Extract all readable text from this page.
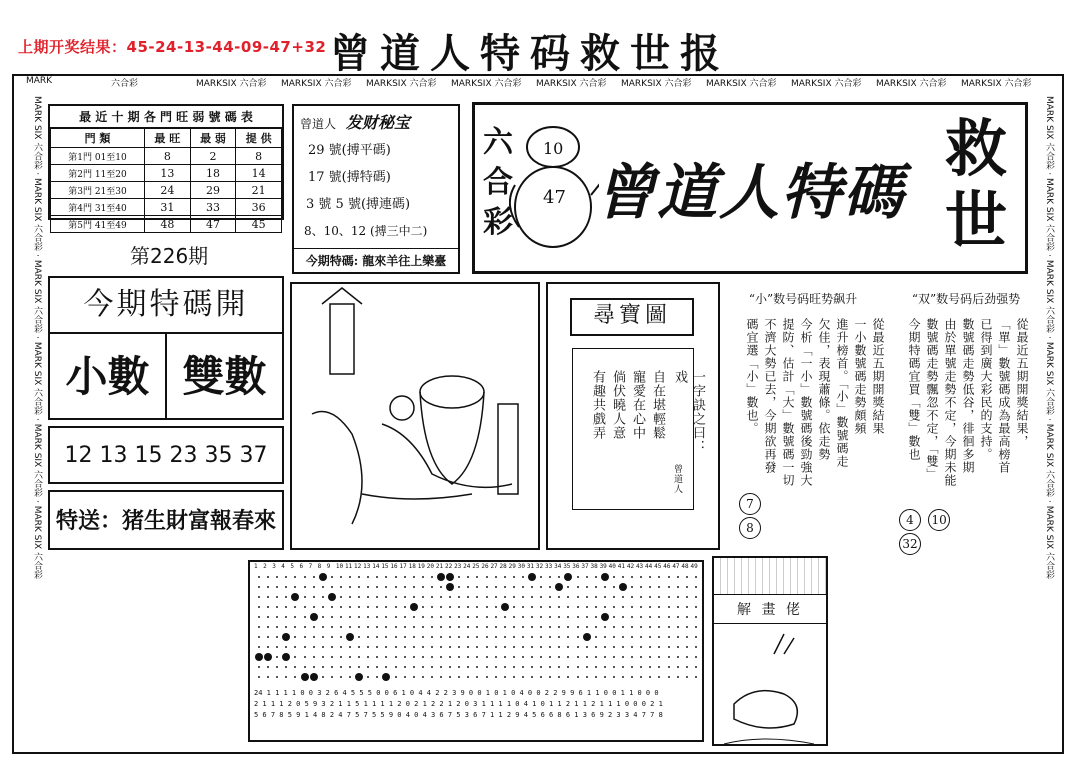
上期开奖结果：45-24-13-44-09-47+32 曾道人特码救世报
MARK	六合彩	MARKSIX 六合彩	MARKSIX 六合彩	MARKSIX 六合彩	MARKSIX 六合彩	MARKSIX 六合彩	MARKSIX 六合彩	MARKSIX 六合彩	MARKSIX 六合彩	MARKSIX 六合彩	MARKSIX 六合彩
MARK SIX 六合彩 · MARK SIX 六合彩 · MARK SIX 六合彩 · MARK SIX 六合彩 · MARK SIX 六合彩 · MARK SIX 六合彩
MARK SIX 六合彩 · MARK SIX 六合彩 · MARK SIX 六合彩 · MARK SIX 六合彩 · MARK SIX 六合彩 · MARK SIX 六合彩
最 近 十 期 各 門 旺 弱 號 碼 表
門 類	最 旺	最 弱	提 供
第1門 01至10	8	2	8
第2門 11至20	13	18	14
第3門 21至30	24	29	21
第4門 31至40	31	33	36
第5門 41至49	48	47	45
第226期
曾道人 发财秘宝
29 號(搏平碼)
17 號(搏特碼)
3 號 5 號(搏連碼)
8、10、12 (搏三中二)
今期特碼: 龍來羊往上樂臺
六
合
彩
10
47 曾道人特碼
救世
今期特碼開
小數 雙數
12 13 15 23 35 37
特送：猪生財富報春來
尋寶圖
一字訣之曰：戏
自在堪輕鬆
寵愛在心中
倘伏曉人意
有趣共戲弄
曾道人
“小”数号码旺势飙升
從最近五期開獎結果
一小數號碼走勢頗頻
進升榜首。「小」數號碼走
欠佳，表現蕭條。依走勢
今析「一小」數號碼後勁強大
提防、估計「大」數號碼一切
不濟大勢已去，今期欲再發
碼宜選「小」數也。
7 8
“双”数号码后劲强势
從最近五期開獎結果，
「單」數號碼成為最高榜首
已得到廣大彩民的支持。
數號碼走勢低谷，徘徊多期
由於單號走勢不定，今期未能
數號碼走勢飄忽不定，「雙」
今期特碼宜買「雙」數也
4 10 32
解 畫 佬
1 2 3 4 5 6 7 8 9 10 11 12 13 14 15 16 17 18 19 20 21 22 23 24 25 26 27 28 29 30 31 32 33 34 35 36 37 38 39 40 41 42 43 44 45 46 47 48 49
24 1 1 1 1 0 0 3 2 6 4 5 5 5 0 0 6 1 0 4 4 2 2 3 9 0 0 1 0 1 0 4 0 0 2 2 9 9 6 1 1 0 0 1 1 0 0 0
2 1 1 1 2 0 5 9 3 2 1 1 5 1 1 1 1 2 0 2 1 2 2 1 2 0 3 1 1 1 1 0 4 1 0 1 1 2 1 1 2 1 1 1 0 0 0 2 1
5 6 7 8 5 9 1 4 8 2 4 7 5 7 5 5 9 0 4 0 4 3 6 7 5 3 6 7 1 1 2 9 4 5 6 6 8 6 1 3 6 9 2 3 3 4 7 7 8
